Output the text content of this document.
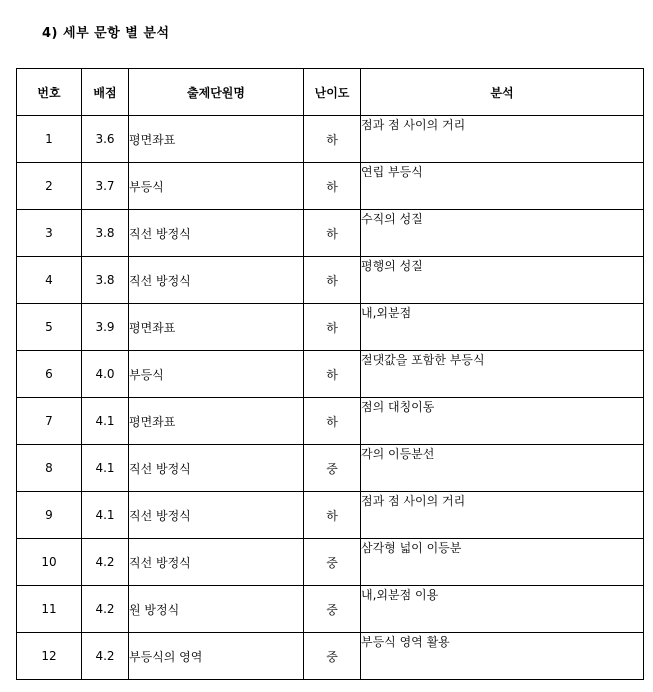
4) 세부 문항 별 분석
번호	배점	출제단원명	난이도	분석
1	3.6	평면좌표	하	점과 점 사이의 거리
2	3.7	부등식	하	연립 부등식
3	3.8	직선 방정식	하	수직의 성질
4	3.8	직선 방정식	하	평행의 성질
5	3.9	평면좌표	하	내,외분점
6	4.0	부등식	하	절댓값을 포함한 부등식
7	4.1	평면좌표	하	점의 대칭이동
8	4.1	직선 방정식	중	각의 이등분선
9	4.1	직선 방정식	하	점과 점 사이의 거리
10	4.2	직선 방정식	중	삼각형 넓이 이등분
11	4.2	원 방정식	중	내,외분점 이용
12	4.2	부등식의 영역	중	부등식 영역 활용
